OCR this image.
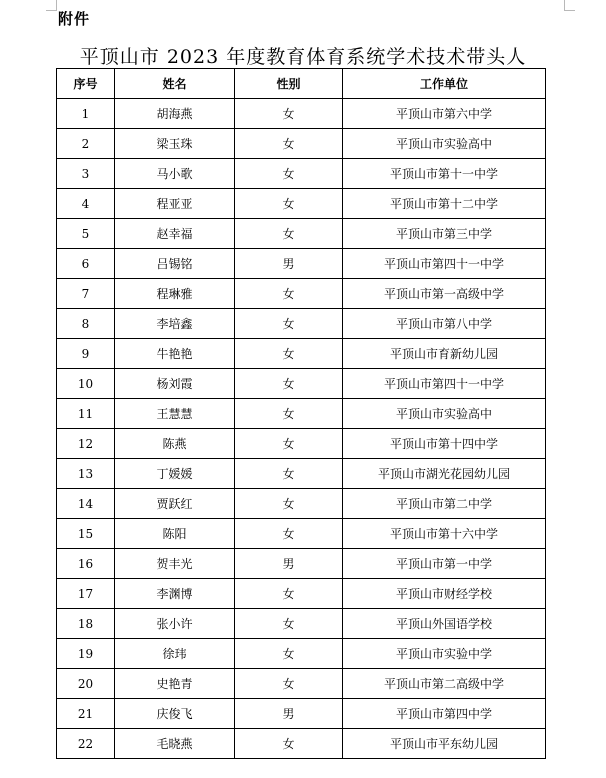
附件
平顶山市 2023 年度教育体育系统学术技术带头人
序号	姓名	性别	工作单位
1	胡海燕	女	平顶山市第六中学
2	梁玉珠	女	平顶山市实验高中
3	马小歌	女	平顶山市第十一中学
4	程亚亚	女	平顶山市第十二中学
5	赵幸福	女	平顶山市第三中学
6	吕锡铭	男	平顶山市第四十一中学
7	程琳雅	女	平顶山市第一高级中学
8	李培鑫	女	平顶山市第八中学
9	牛艳艳	女	平顶山市育新幼儿园
10	杨刘霞	女	平顶山市第四十一中学
11	王慧慧	女	平顶山市实验高中
12	陈燕	女	平顶山市第十四中学
13	丁媛媛	女	平顶山市湖光花园幼儿园
14	贾跃红	女	平顶山市第二中学
15	陈阳	女	平顶山市第十六中学
16	贺丰光	男	平顶山市第一中学
17	李渊博	女	平顶山市财经学校
18	张小许	女	平顶山外国语学校
19	徐玮	女	平顶山市实验中学
20	史艳青	女	平顶山市第二高级中学
21	庆俊飞	男	平顶山市第四中学
22	毛晓燕	女	平顶山市平东幼儿园
